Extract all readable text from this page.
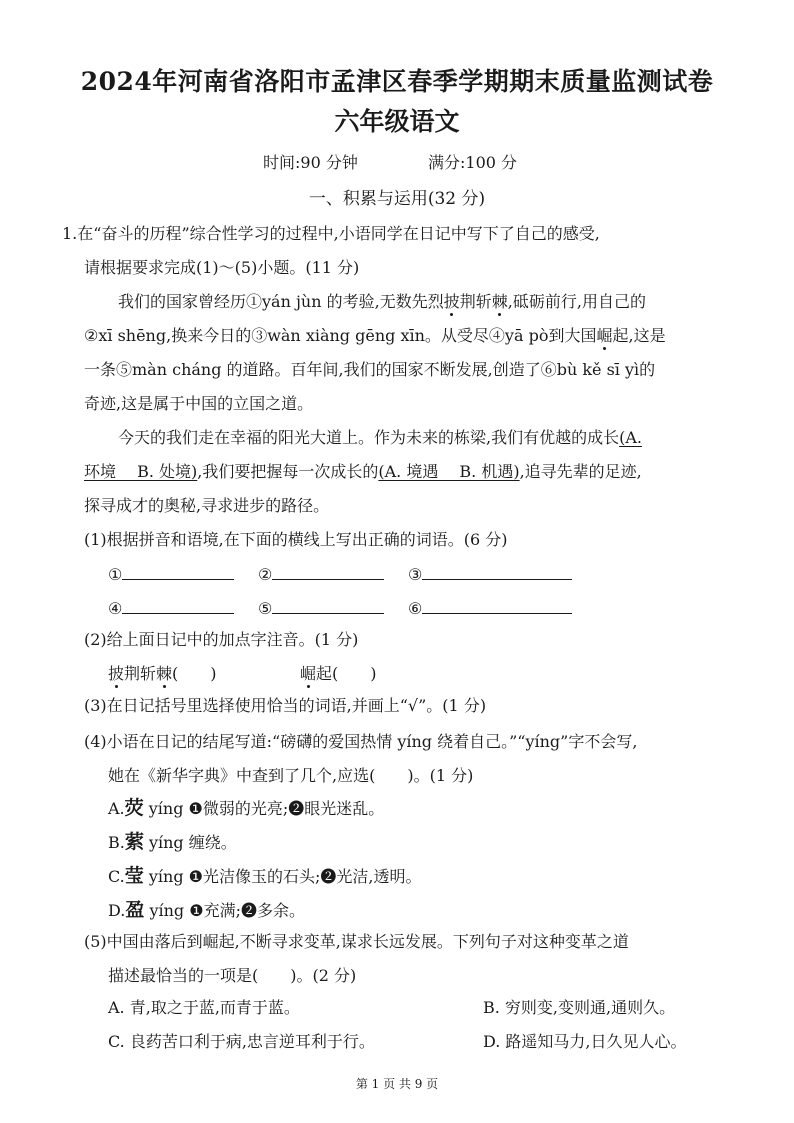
2024年河南省洛阳市孟津区春季学期期末质量监测试卷
六年级语文
时间:90 分钟	满分:100 分
一、积累与运用(32 分)
1.在“奋斗的历程”综合性学习的过程中,小语同学在日记中写下了自己的感受,
请根据要求完成(1)～(5)小题。(11 分)
我们的国家曾经历①yán jùn 的考验,无数先烈披荆斩棘,砥砺前行,用自己的
②xī shēng,换来今日的③wàn xiàng gēng xīn。从受尽④yā pò到大国崛起,这是
一条⑤màn cháng 的道路。百年间,我们的国家不断发展,创造了⑥bù kě sī yì的
奇迹,这是属于中国的立国之道。
今天的我们走在幸福的阳光大道上。作为未来的栋梁,我们有优越的成长(A.
环境　 B. 处境),我们要把握每一次成长的(A. 境遇　 B. 机遇),追寻先辈的足迹,
探寻成才的奥秘,寻求进步的路径。
(1)根据拼音和语境,在下面的横线上写出正确的词语。(6 分)
①	②	③
④	⑤	⑥
(2)给上面日记中的加点字注音。(1 分)
披荆斩棘(　　)	崛起(　　)
(3)在日记括号里选择使用恰当的词语,并画上“√”。(1 分)
(4)小语在日记的结尾写道:“磅礴的爱国热情 yíng 绕着自己。”“yíng”字不会写,
她在《新华字典》中查到了几个,应选(　　)。(1 分)
A.荧 yíng ❶微弱的光亮;❷眼光迷乱。
B.萦 yíng 缠绕。
C.莹 yíng ❶光洁像玉的石头;❷光洁,透明。
D.盈 yíng ❶充满;❷多余。
(5)中国由落后到崛起,不断寻求变革,谋求长远发展。下列句子对这种变革之道
描述最恰当的一项是(　　)。(2 分)
A. 青,取之于蓝,而青于蓝。	B. 穷则变,变则通,通则久。
C. 良药苦口利于病,忠言逆耳利于行。	D. 路遥知马力,日久见人心。
第 1 页 共 9 页
